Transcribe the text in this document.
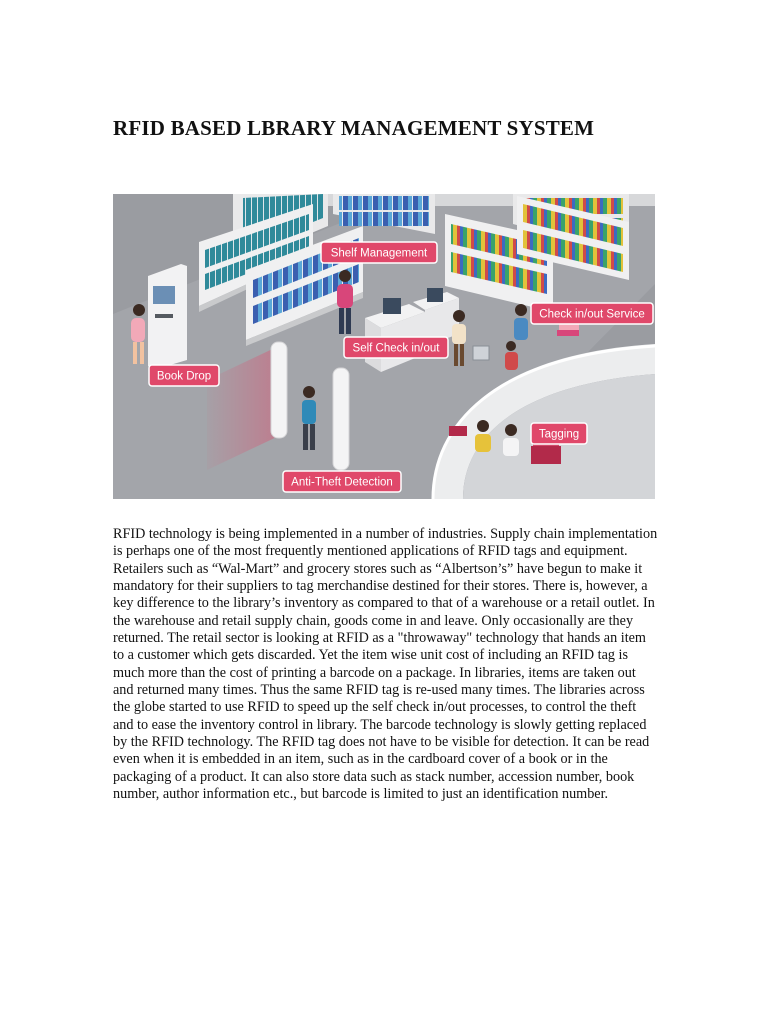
RFID BASED LBRARY MANAGEMENT SYSTEM
Shelf Management
Check in/out Service
Self Check in/out
Book Drop
Tagging
Anti-Theft Detection

RFID technology is being implemented in a number of industries. Supply chain implementation is perhaps one of the most frequently mentioned applications of RFID tags and equipment. Retailers such as “Wal-Mart” and grocery stores such as “Albertson’s” have begun to make it mandatory for their suppliers to tag merchandise destined for their stores. There is, however, a key difference to the library’s inventory as compared to that of a warehouse or a retail outlet. In the warehouse and retail supply chain, goods come in and leave. Only occasionally are they returned. The retail sector is looking at RFID as a "throwaway" technology that hands an item to a customer which gets discarded. Yet the item wise unit cost of including an RFID tag is much more than the cost of printing a barcode on a package. In libraries, items are taken out and returned many times. Thus the same RFID tag is re-used many times. The libraries across the globe started to use RFID to speed up the self check in/out processes, to control the theft and to ease the inventory control in library. The barcode technology is slowly getting replaced by the RFID technology. The RFID tag does not have to be visible for detection. It can be read even when it is embedded in an item, such as in the cardboard cover of a book or in the packaging of a product. It can also store data such as stack number, accession number, book number, author information etc., but barcode is limited to just an identification number.
